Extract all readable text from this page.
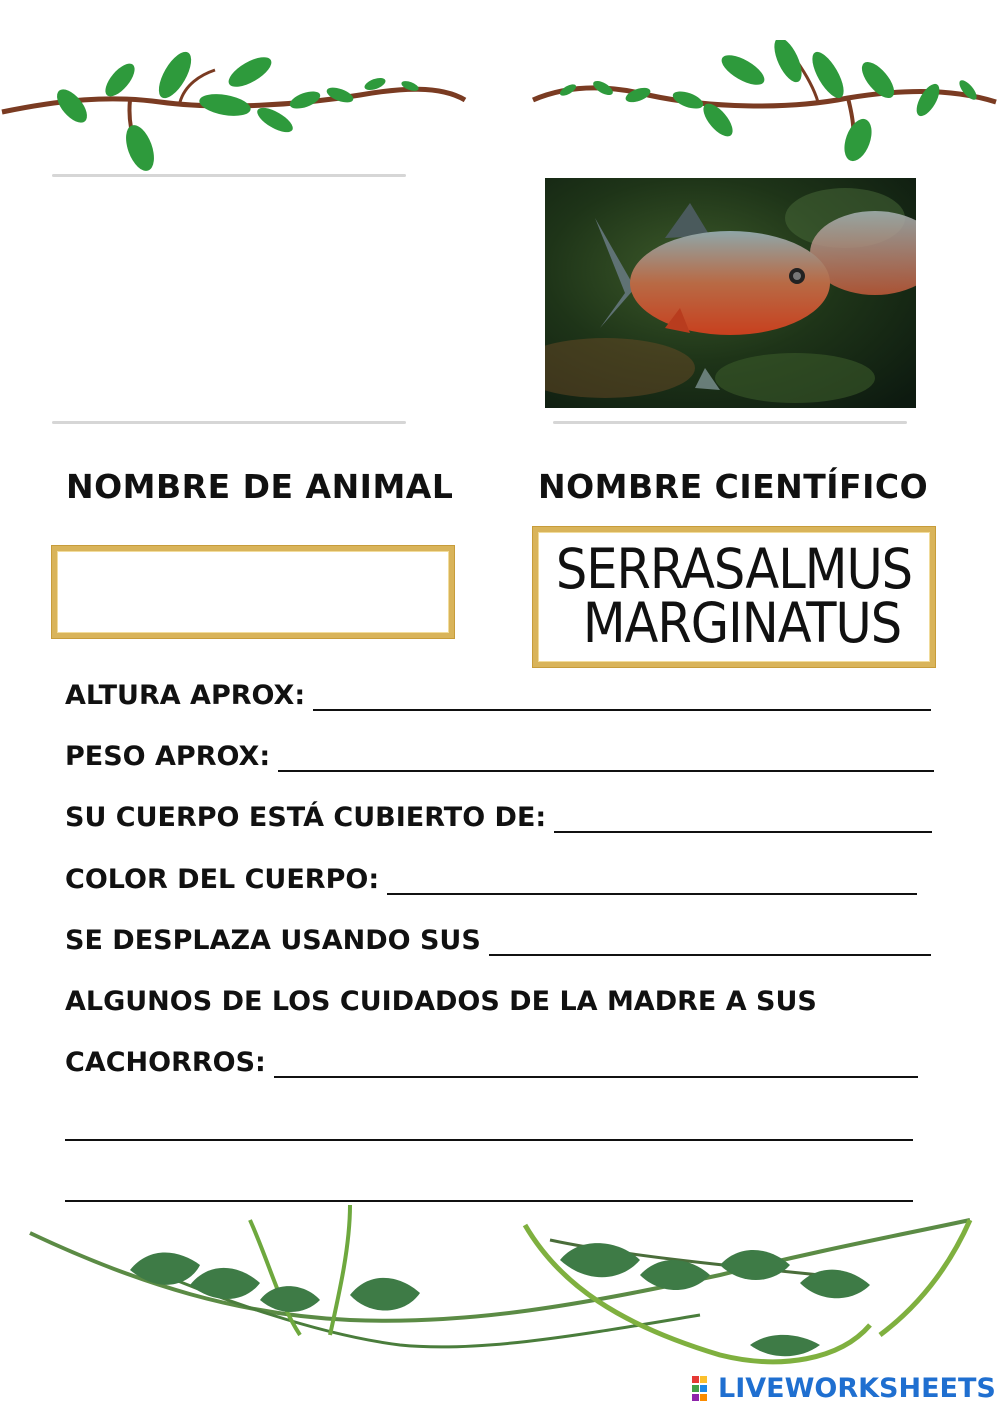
NOMBRE DE ANIMAL	NOMBRE CIENTÍFICO
SERRASALMUS
MARGINATUS
ALTURA APROX:
PESO APROX:
SU CUERPO ESTÁ CUBIERTO DE:
COLOR DEL CUERPO:
SE DESPLAZA USANDO SUS
ALGUNOS DE LOS CUIDADOS DE LA MADRE A SUS
CACHORROS:
LIVEWORKSHEETS
